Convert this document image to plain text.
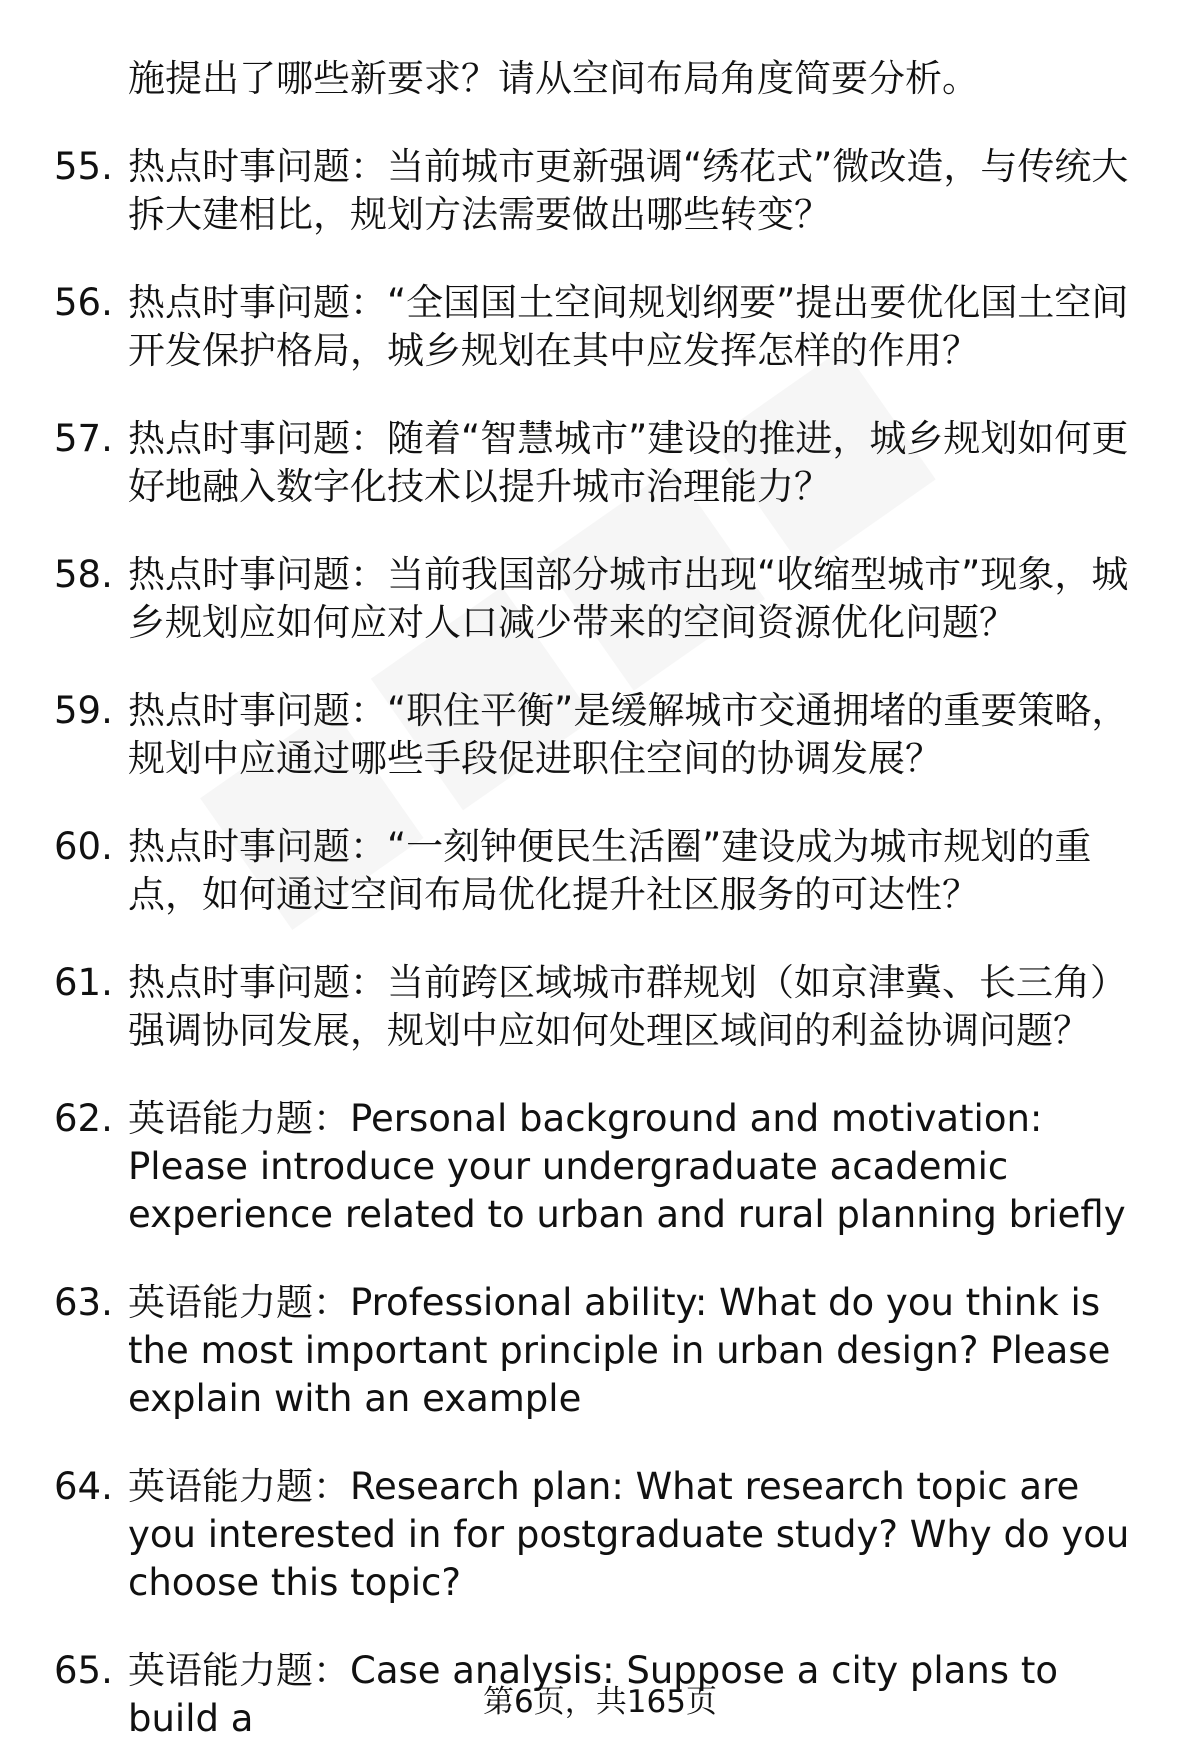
施提出了哪些新要求？请从空间布局角度简要分析。
55. 热点时事问题：当前城市更新强调“绣花式”微改造，与传统大拆大建相比，规划方法需要做出哪些转变？
56. 热点时事问题：“全国国土空间规划纲要”提出要优化国土空间开发保护格局，城乡规划在其中应发挥怎样的作用？
57. 热点时事问题：随着“智慧城市”建设的推进，城乡规划如何更好地融入数字化技术以提升城市治理能力？
58. 热点时事问题：当前我国部分城市出现“收缩型城市”现象，城乡规划应如何应对人口减少带来的空间资源优化问题？
59. 热点时事问题：“职住平衡”是缓解城市交通拥堵的重要策略，规划中应通过哪些手段促进职住空间的协调发展？
60. 热点时事问题：“一刻钟便民生活圈”建设成为城市规划的重点，如何通过空间布局优化提升社区服务的可达性？
61. 热点时事问题：当前跨区域城市群规划（如京津冀、长三角）强调协同发展，规划中应如何处理区域间的利益协调问题？
62. 英语能力题：Personal background and motivation: Please introduce your undergraduate academic experience related to urban and rural planning briefly
63. 英语能力题：Professional ability: What do you think is the most important principle in urban design? Please explain with an example
64. 英语能力题：Research plan: What research topic are you interested in for postgraduate study? Why do you choose this topic?
65. 英语能力题：Case analysis: Suppose a city plans to build a	第6页，共165页
